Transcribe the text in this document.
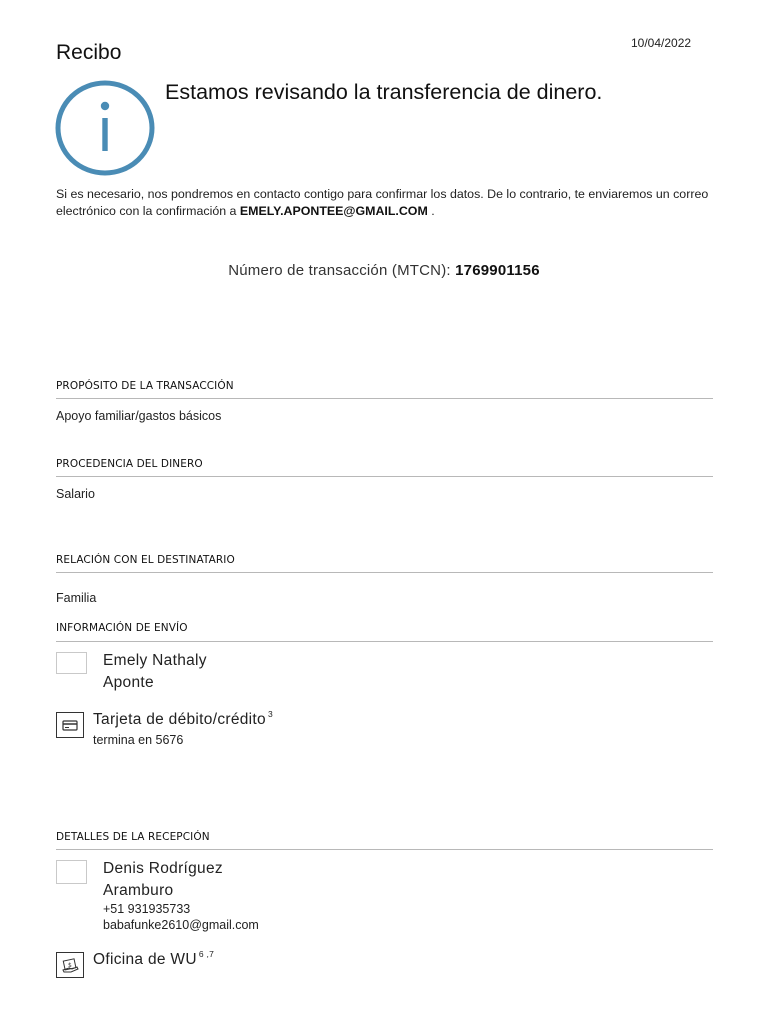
10/04/2022
Recibo
Estamos revisando la transferencia de dinero.
Si es necesario, nos pondremos en contacto contigo para confirmar los datos. De lo contrario, te enviaremos un correo electrónico con la confirmación a EMELY.APONTEE@GMAIL.COM .
Número de transacción (MTCN): 1769901156
PROPÓSITO DE LA TRANSACCIÓN
Apoyo familiar/gastos básicos
PROCEDENCIA DEL DINERO
Salario
RELACIÓN CON EL DESTINATARIO
Familia
INFORMACIÓN DE ENVÍO
Emely Nathaly
Aponte
Tarjeta de débito/crédito $^3$
termina en 5676
DETALLES DE LA RECEPCIÓN
Denis Rodríguez
Aramburo
+51 931935733
babafunke2610@gmail.com
$ Oficina de WU $^{6 ,7}$
